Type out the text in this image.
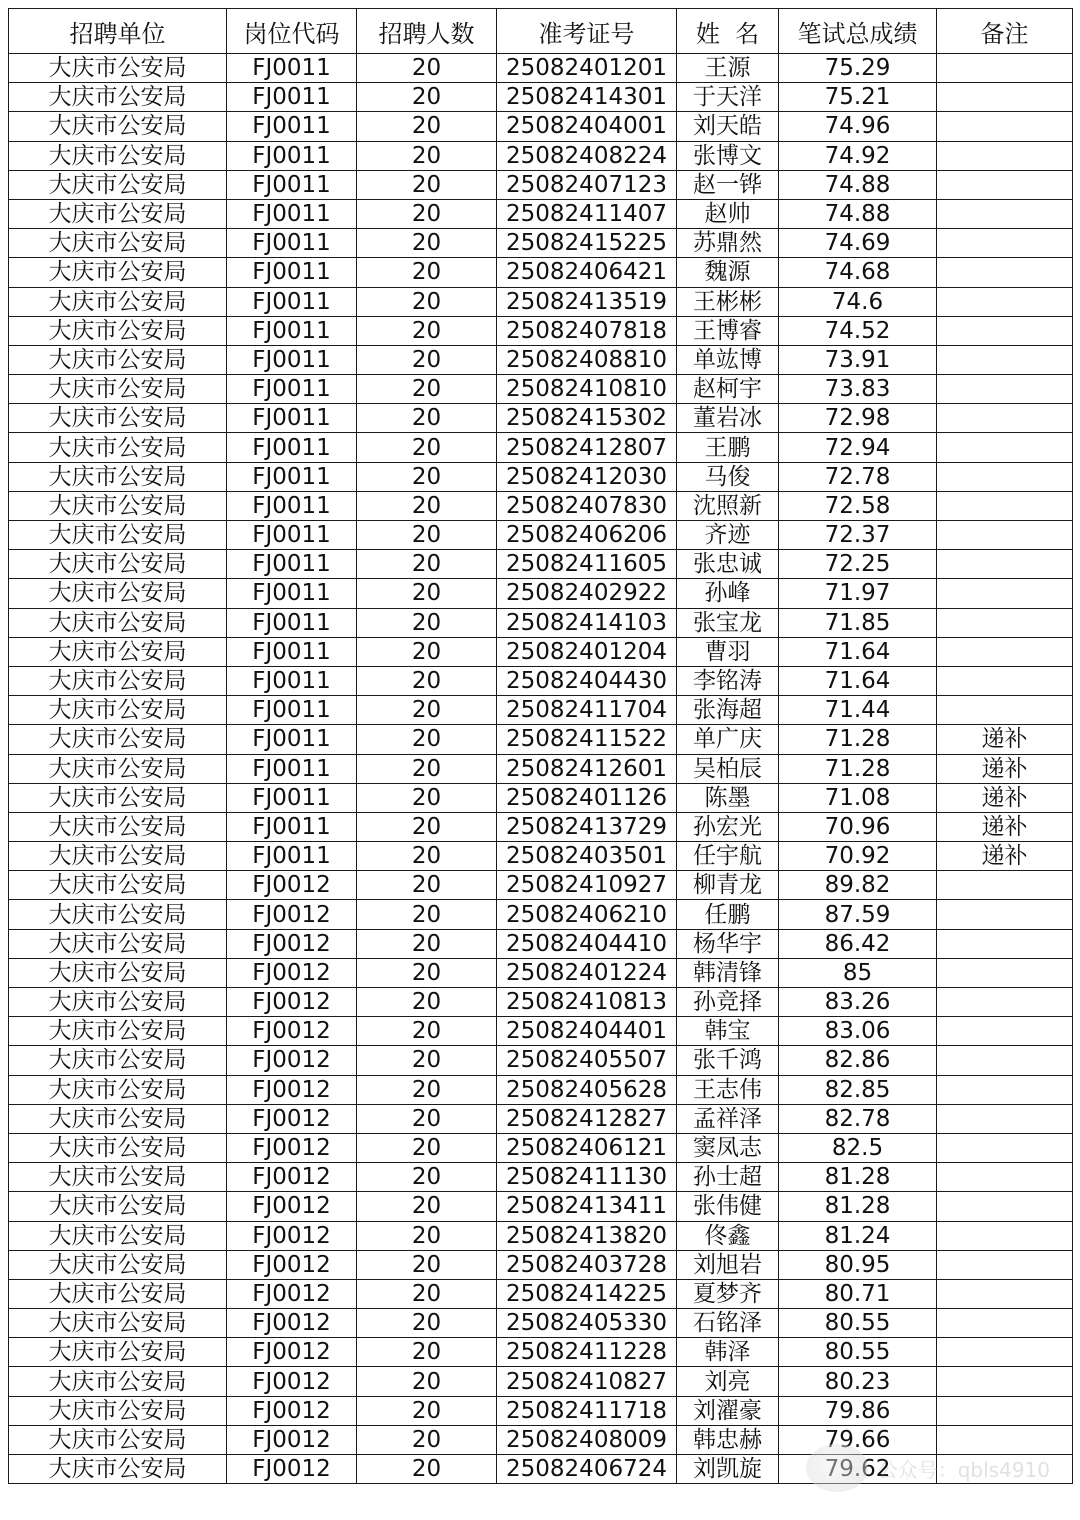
招聘单位	岗位代码	招聘人数	准考证号	姓  名	笔试总成绩	备注
大庆市公安局	FJ0011	20	25082401201	王源	75.29	
大庆市公安局	FJ0011	20	25082414301	于天洋	75.21	
大庆市公安局	FJ0011	20	25082404001	刘天皓	74.96	
大庆市公安局	FJ0011	20	25082408224	张博文	74.92	
大庆市公安局	FJ0011	20	25082407123	赵一铧	74.88	
大庆市公安局	FJ0011	20	25082411407	赵帅	74.88	
大庆市公安局	FJ0011	20	25082415225	苏鼎然	74.69	
大庆市公安局	FJ0011	20	25082406421	魏源	74.68	
大庆市公安局	FJ0011	20	25082413519	王彬彬	74.6	
大庆市公安局	FJ0011	20	25082407818	王博睿	74.52	
大庆市公安局	FJ0011	20	25082408810	单竑博	73.91	
大庆市公安局	FJ0011	20	25082410810	赵柯宇	73.83	
大庆市公安局	FJ0011	20	25082415302	董岩冰	72.98	
大庆市公安局	FJ0011	20	25082412807	王鹏	72.94	
大庆市公安局	FJ0011	20	25082412030	马俊	72.78	
大庆市公安局	FJ0011	20	25082407830	沈照新	72.58	
大庆市公安局	FJ0011	20	25082406206	齐迹	72.37	
大庆市公安局	FJ0011	20	25082411605	张忠诚	72.25	
大庆市公安局	FJ0011	20	25082402922	孙峰	71.97	
大庆市公安局	FJ0011	20	25082414103	张宝龙	71.85	
大庆市公安局	FJ0011	20	25082401204	曹羽	71.64	
大庆市公安局	FJ0011	20	25082404430	李铭涛	71.64	
大庆市公安局	FJ0011	20	25082411704	张海超	71.44	
大庆市公安局	FJ0011	20	25082411522	单广庆	71.28	递补
大庆市公安局	FJ0011	20	25082412601	吴柏辰	71.28	递补
大庆市公安局	FJ0011	20	25082401126	陈墨	71.08	递补
大庆市公安局	FJ0011	20	25082413729	孙宏光	70.96	递补
大庆市公安局	FJ0011	20	25082403501	任宇航	70.92	递补
大庆市公安局	FJ0012	20	25082410927	柳青龙	89.82	
大庆市公安局	FJ0012	20	25082406210	任鹏	87.59	
大庆市公安局	FJ0012	20	25082404410	杨华宇	86.42	
大庆市公安局	FJ0012	20	25082401224	韩清锋	85	
大庆市公安局	FJ0012	20	25082410813	孙竞择	83.26	
大庆市公安局	FJ0012	20	25082404401	韩宝	83.06	
大庆市公安局	FJ0012	20	25082405507	张千鸿	82.86	
大庆市公安局	FJ0012	20	25082405628	王志伟	82.85	
大庆市公安局	FJ0012	20	25082412827	孟祥泽	82.78	
大庆市公安局	FJ0012	20	25082406121	窦凤志	82.5	
大庆市公安局	FJ0012	20	25082411130	孙士超	81.28	
大庆市公安局	FJ0012	20	25082413411	张伟健	81.28	
大庆市公安局	FJ0012	20	25082413820	佟鑫	81.24	
大庆市公安局	FJ0012	20	25082403728	刘旭岩	80.95	
大庆市公安局	FJ0012	20	25082414225	夏梦齐	80.71	
大庆市公安局	FJ0012	20	25082405330	石铭泽	80.55	
大庆市公安局	FJ0012	20	25082411228	韩泽	80.55	
大庆市公安局	FJ0012	20	25082410827	刘亮	80.23	
大庆市公安局	FJ0012	20	25082411718	刘濯豪	79.86	
大庆市公安局	FJ0012	20	25082408009	韩忠赫	79.66	
大庆市公安局	FJ0012	20	25082406724	刘凯旋	79.62	
公众号：qbls4910
